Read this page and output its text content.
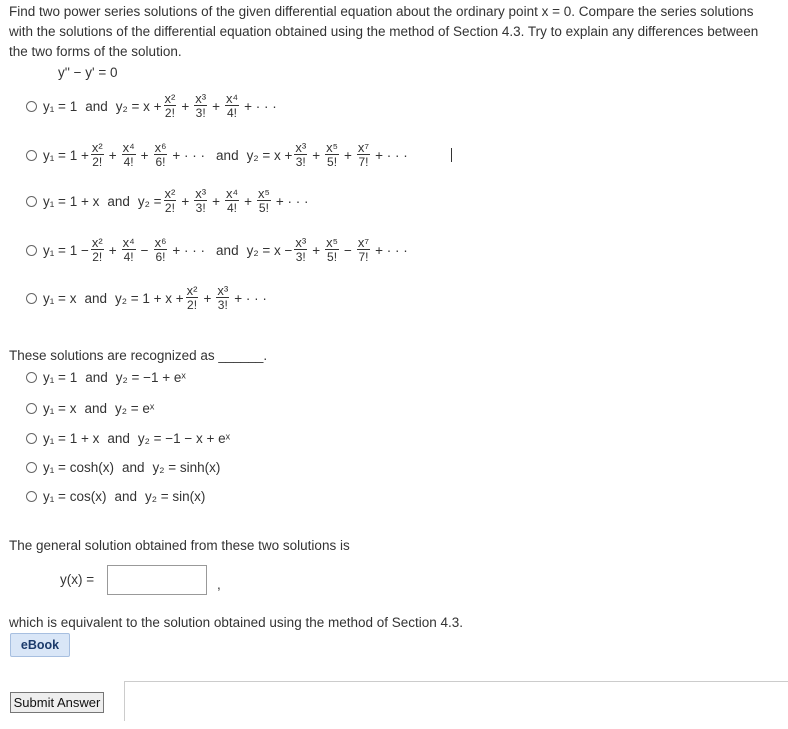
Find two power series solutions of the given differential equation about the ordinary point x = 0. Compare the series solutions with the solutions of the differential equation obtained using the method of Section 4.3. Try to explain any differences between the two forms of the solution.
y'' − y' = 0
y₁ = 1 and $y_2 = x + \frac{\text{x²}}{2!} + \frac{\text{x³}}{3!} + \frac{\text{x⁴}}{4!}$ + · · ·
$y_1 = 1 + \frac{\text{x²}}{2!} + \frac{\text{x⁴}}{4!} + \frac{\text{x⁶}}{6!}$ + · · · and $y_2 = x + \frac{\text{x³}}{3!} + \frac{\text{x⁵}}{5!} + \frac{\text{x⁷}}{7!}$ + · · ·
y₁ = 1 + x and $y_2 = \frac{\text{x²}}{2!} + \frac{\text{x³}}{3!} + \frac{\text{x⁴}}{4!} + \frac{\text{x⁵}}{5!}$ + · · ·
$y_1 = 1 - \frac{\text{x²}}{2!} + \frac{\text{x⁴}}{4!} - \frac{\text{x⁶}}{6!}$ + · · · and $y_2 = x - \frac{\text{x³}}{3!} + \frac{\text{x⁵}}{5!} - \frac{\text{x⁷}}{7!}$ + · · ·
y₁ = x and $y_2 = 1 + x + \frac{\text{x²}}{2!} + \frac{\text{x³}}{3!}$ + · · ·
These solutions are recognized as ______.
y₁ = 1 and y₂ = −1 + eˣ
y₁ = x and y₂ = eˣ
y₁ = 1 + x and y₂ = −1 − x + eˣ
y₁ = cosh(x) and y₂ = sinh(x)
y₁ = cos(x) and y₂ = sin(x)
The general solution obtained from these two solutions is
y(x) =	,
which is equivalent to the solution obtained using the method of Section 4.3.
eBook
Submit Answer
